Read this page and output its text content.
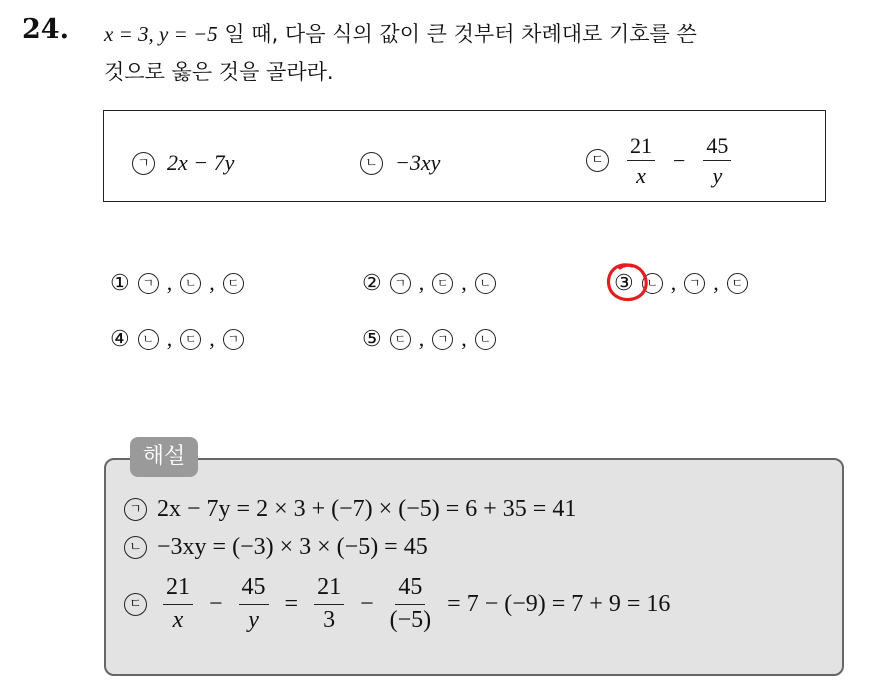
24. x = 3, y = −5 일 때, 다음 식의 값이 큰 것부터 차례대로 기호를 쓴
것으로 옳은 것을 골라라.
ㄱ 2x − 7y	ㄴ −3xy	ㄷ $\frac{21}{x} - \frac{45}{y}$
①	ㄱ ,	ㄴ ,	ㄷ	②	ㄱ ,	ㄷ ,	ㄴ	③	ㄴ ,	ㄱ ,	ㄷ
④	ㄴ ,	ㄷ ,	ㄱ	⑤	ㄷ ,	ㄱ ,	ㄴ
해설
ㄱ 2x − 7y = 2 × 3 + (−7) × (−5) = 6 + 35 = 41
ㄴ −3xy = (−3) × 3 × (−5) = 45
ㄷ $\frac{21}{x} - \frac{45}{y} = \frac{21}{3} - \frac{45}{(-5)} = 7 - (-9) = 7 + 9 = 16$
